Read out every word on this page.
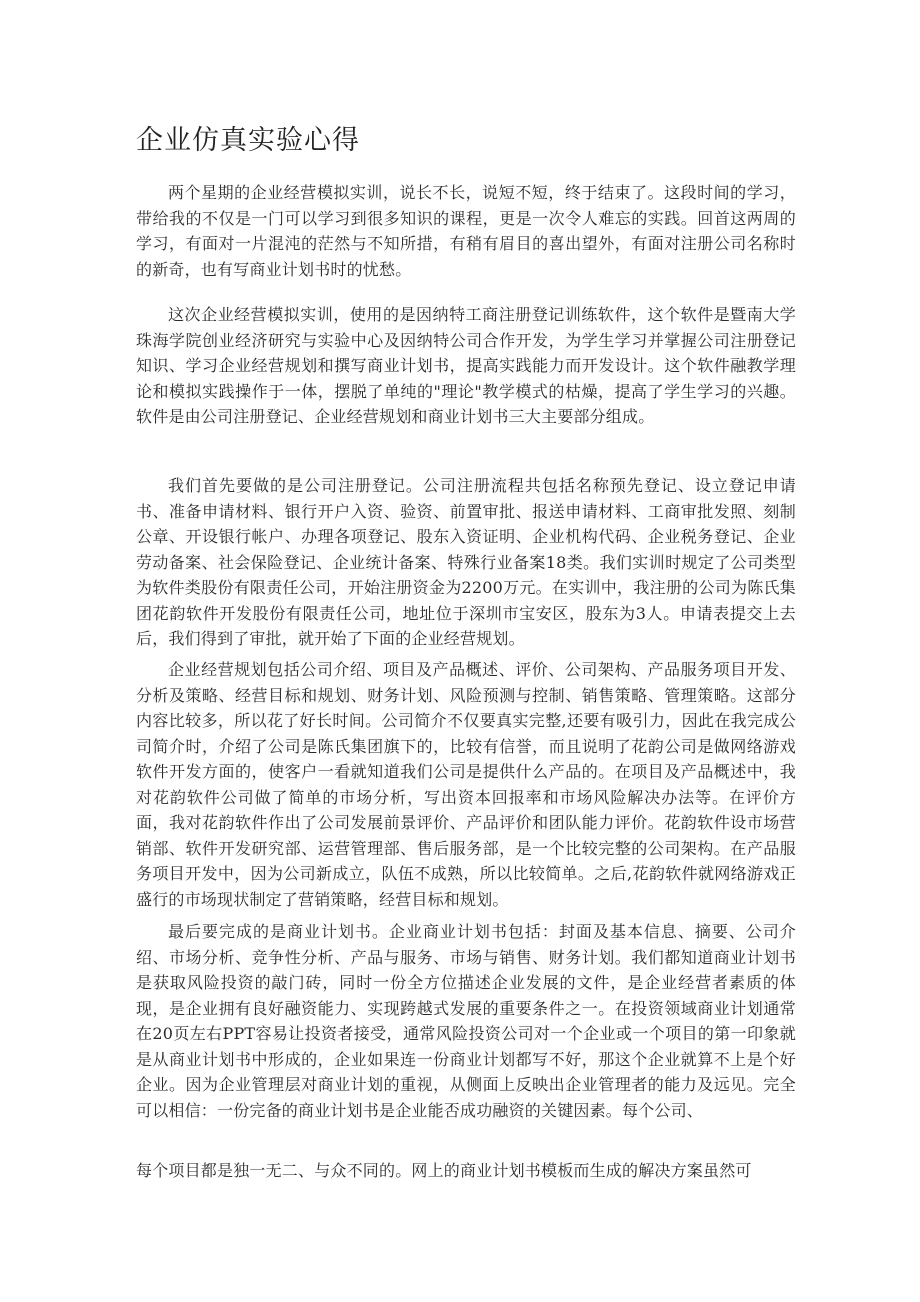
企业仿真实验心得
两个星期的企业经营模拟实训，说长不长，说短不短，终于结束了。这段时间的学习，带给我的不仅是一门可以学习到很多知识的课程，更是一次令人难忘的实践。回首这两周的学习，有面对一片混沌的茫然与不知所措，有稍有眉目的喜出望外，有面对注册公司名称时的新奇，也有写商业计划书时的忧愁。
这次企业经营模拟实训，使用的是因纳特工商注册登记训练软件，这个软件是暨南大学珠海学院创业经济研究与实验中心及因纳特公司合作开发，为学生学习并掌握公司注册登记知识、学习企业经营规划和撰写商业计划书，提高实践能力而开发设计。这个软件融教学理论和模拟实践操作于一体，摆脱了单纯的"理论"教学模式的枯燥，提高了学生学习的兴趣。软件是由公司注册登记、企业经营规划和商业计划书三大主要部分组成。
我们首先要做的是公司注册登记。公司注册流程共包括名称预先登记、设立登记申请书、准备申请材料、银行开户入资、验资、前置审批、报送申请材料、工商审批发照、刻制公章、开设银行帐户、办理各项登记、股东入资证明、企业机构代码、企业税务登记、企业劳动备案、社会保险登记、企业统计备案、特殊行业备案18类。我们实训时规定了公司类型为软件类股份有限责任公司，开始注册资金为2200万元。在实训中，我注册的公司为陈氏集团花韵软件开发股份有限责任公司，地址位于深圳市宝安区，股东为3人。申请表提交上去后，我们得到了审批，就开始了下面的企业经营规划。
企业经营规划包括公司介绍、项目及产品概述、评价、公司架构、产品服务项目开发、分析及策略、经营目标和规划、财务计划、风险预测与控制、销售策略、管理策略。这部分内容比较多，所以花了好长时间。公司简介不仅要真实完整,还要有吸引力，因此在我完成公司简介时，介绍了公司是陈氏集团旗下的，比较有信誉，而且说明了花韵公司是做网络游戏软件开发方面的，使客户一看就知道我们公司是提供什么产品的。在项目及产品概述中，我对花韵软件公司做了简单的市场分析，写出资本回报率和市场风险解决办法等。在评价方面，我对花韵软件作出了公司发展前景评价、产品评价和团队能力评价。花韵软件设市场营销部、软件开发研究部、运营管理部、售后服务部，是一个比较完整的公司架构。在产品服务项目开发中，因为公司新成立，队伍不成熟，所以比较简单。之后,花韵软件就网络游戏正盛行的市场现状制定了营销策略，经营目标和规划。
最后要完成的是商业计划书。企业商业计划书包括：封面及基本信息、摘要、公司介绍、市场分析、竞争性分析、产品与服务、市场与销售、财务计划。我们都知道商业计划书是获取风险投资的敲门砖，同时一份全方位描述企业发展的文件，是企业经营者素质的体现，是企业拥有良好融资能力、实现跨越式发展的重要条件之一。在投资领域商业计划通常在20页左右PPT容易让投资者接受，通常风险投资公司对一个企业或一个项目的第一印象就是从商业计划书中形成的，企业如果连一份商业计划都写不好，那这个企业就算不上是个好企业。因为企业管理层对商业计划的重视，从侧面上反映出企业管理者的能力及远见。完全可以相信：一份完备的商业计划书是企业能否成功融资的关键因素。每个公司、
每个项目都是独一无二、与众不同的。网上的商业计划书模板而生成的解决方案虽然可
